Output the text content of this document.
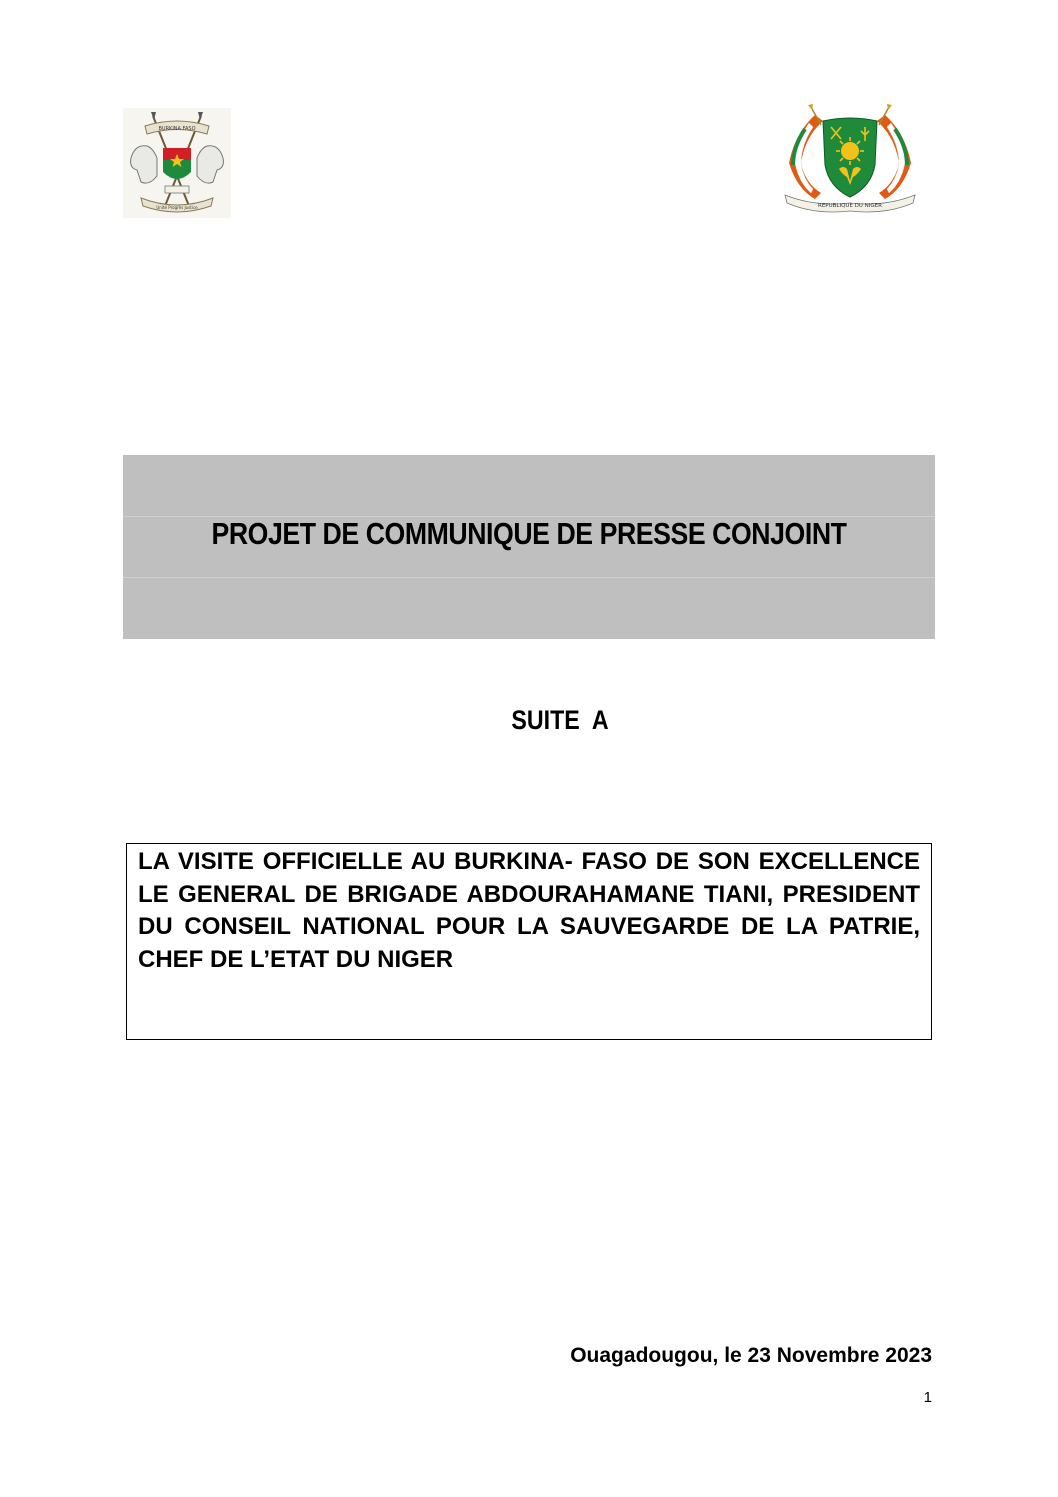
BURKINA FASO
Unité Progrès Justice	REPUBLIQUE DU NIGER
PROJET DE COMMUNIQUE DE PRESSE CONJOINT
SUITE  A

LA VISITE OFFICIELLE AU BURKINA- FASO DE SON EXCELLENCE LE GENERAL DE BRIGADE ABDOURAHAMANE TIANI, PRESIDENT DU CONSEIL NATIONAL POUR LA SAUVEGARDE DE LA PATRIE, CHEF DE L’ETAT DU NIGER

Ouagadougou, le 23 Novembre 2023
1
